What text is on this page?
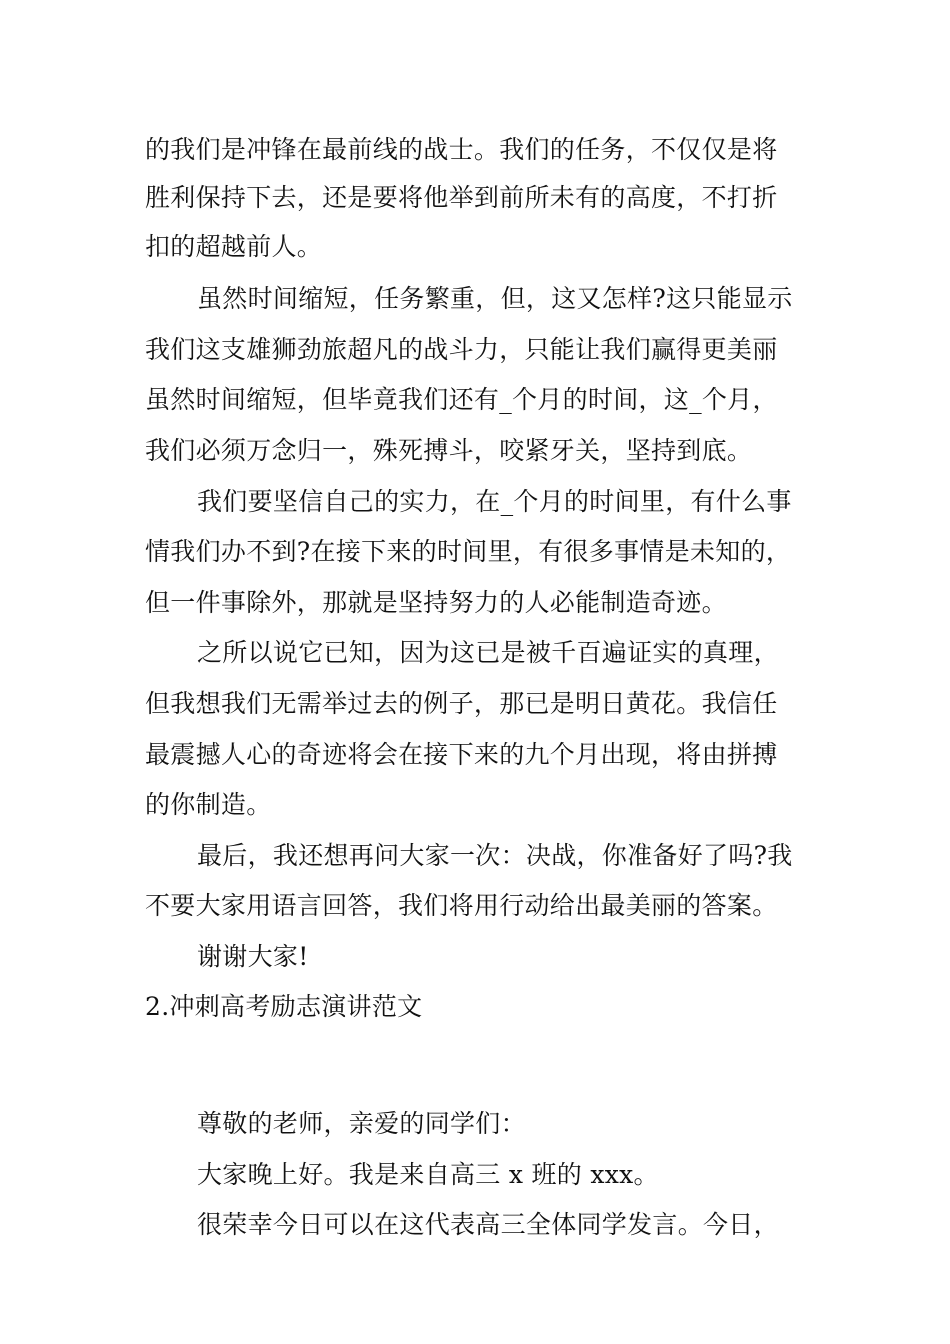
的我们是冲锋在最前线的战士。我们的任务，不仅仅是将
胜利保持下去，还是要将他举到前所未有的高度，不打折
扣的超越前人。
虽然时间缩短，任务繁重，但，这又怎样?这只能显示
我们这支雄狮劲旅超凡的战斗力，只能让我们赢得更美丽
虽然时间缩短，但毕竟我们还有_个月的时间，这_个月，
我们必须万念归一，殊死搏斗，咬紧牙关，坚持到底。
我们要坚信自己的实力，在_个月的时间里，有什么事
情我们办不到?在接下来的时间里，有很多事情是未知的，
但一件事除外，那就是坚持努力的人必能制造奇迹。
之所以说它已知，因为这已是被千百遍证实的真理，
但我想我们无需举过去的例子，那已是明日黄花。我信任
最震撼人心的奇迹将会在接下来的九个月出现，将由拼搏
的你制造。
最后，我还想再问大家一次：决战，你准备好了吗?我
不要大家用语言回答，我们将用行动给出最美丽的答案。
谢谢大家!
2.冲刺高考励志演讲范文
尊敬的老师，亲爱的同学们：
大家晚上好。我是来自高三 x 班的 xxx。
很荣幸今日可以在这代表高三全体同学发言。今日，
